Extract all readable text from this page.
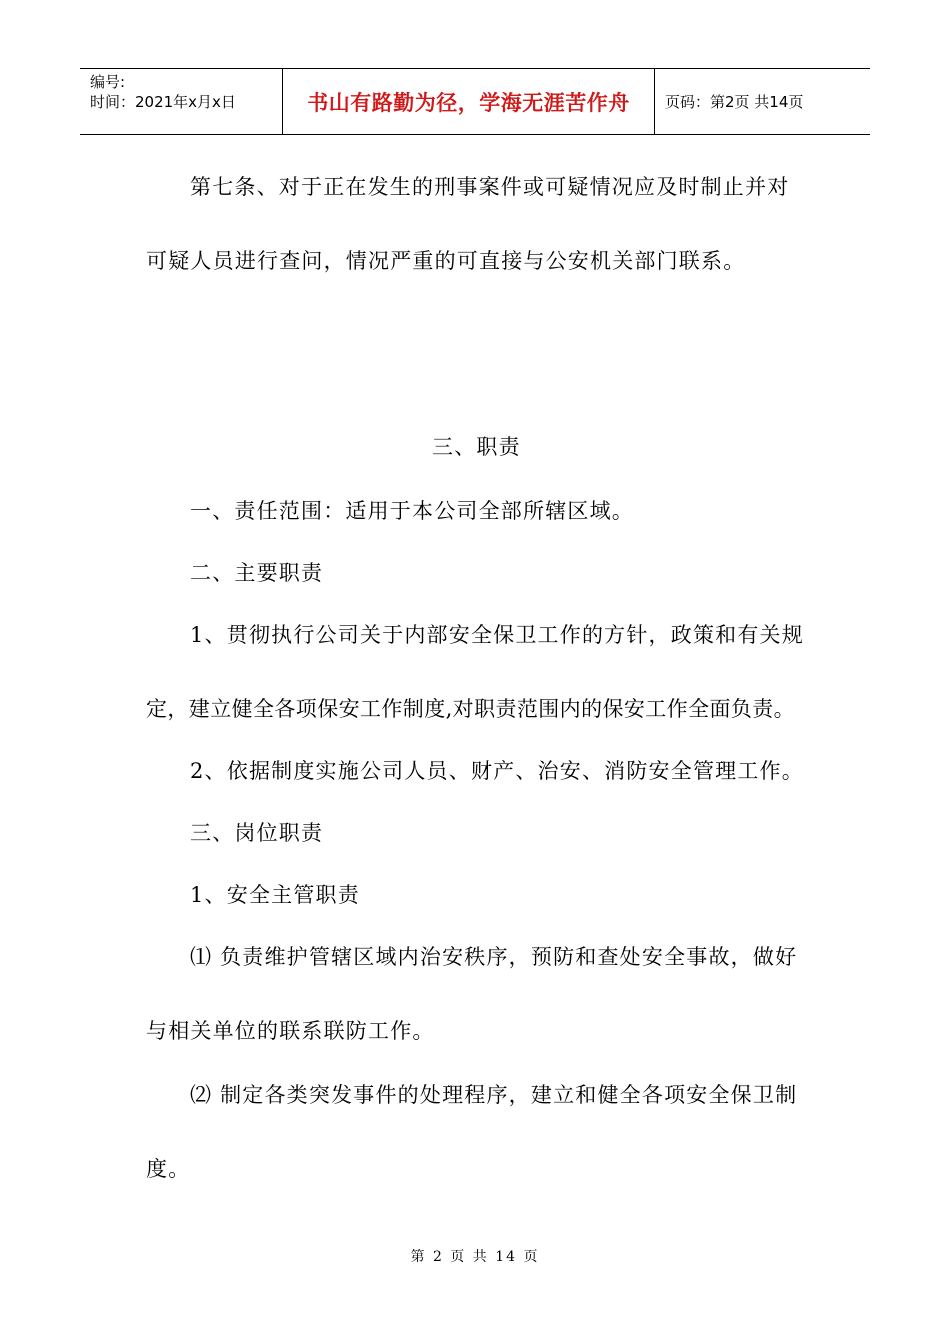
编号:
时间：2021年x月x日	书山有路勤为径，学海无涯苦作舟 页码：第2页 共14页

第七条、对于正在发生的刑事案件或可疑情况应及时制止并对

可疑人员进行查问，情况严重的可直接与公安机关部门联系。

三、职责

一、责任范围：适用于本公司全部所辖区域。

二、主要职责

1、贯彻执行公司关于内部安全保卫工作的方针，政策和有关规

定，建立健全各项保安工作制度,对职责范围内的保安工作全面负责。

2、依据制度实施公司人员、财产、治安、消防安全管理工作。

三、岗位职责

1、安全主管职责

⑴ 负责维护管辖区域内治安秩序，预防和查处安全事故，做好

与相关单位的联系联防工作。

⑵ 制定各类突发事件的处理程序，建立和健全各项安全保卫制

度。

第 2 页 共 14 页
